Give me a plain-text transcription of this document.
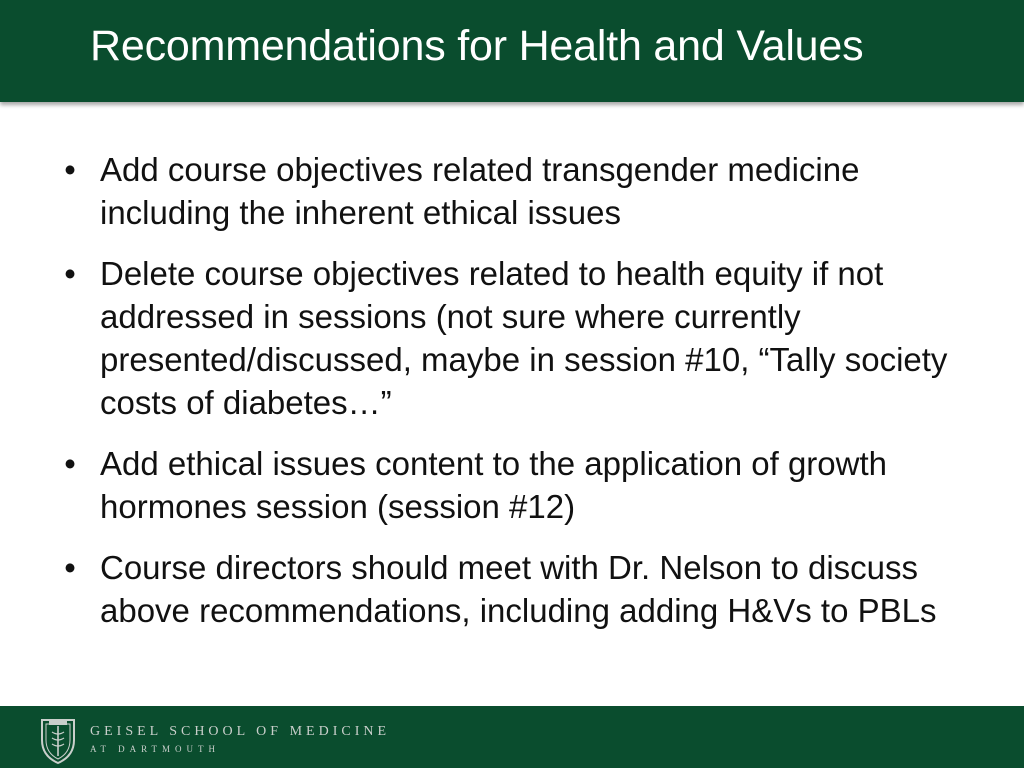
Recommendations for Health and Values
• Add course objectives related transgender medicine including the inherent ethical issues
• Delete course objectives related to health equity if not addressed in sessions (not sure where currently presented/discussed, maybe in session #10, “Tally society costs of diabetes…”
• Add ethical issues content to the application of growth hormones session (session #12)
• Course directors should meet with Dr. Nelson to discuss above recommendations, including adding H&Vs to PBLs
GEISEL SCHOOL OF MEDICINE
AT DARTMOUTH
